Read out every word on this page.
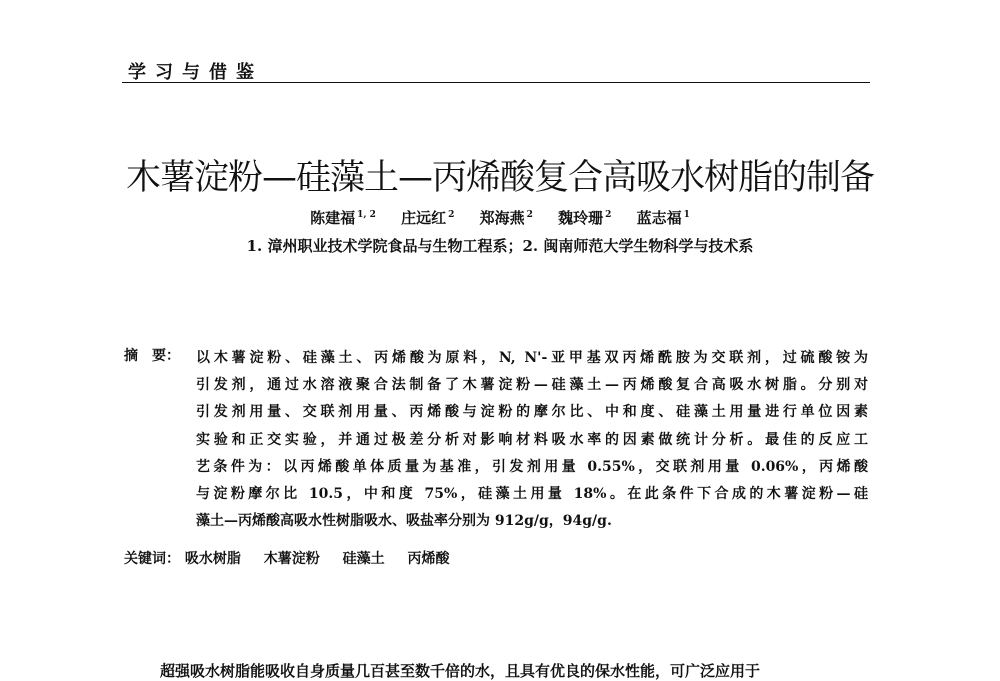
学习与借鉴
木薯淀粉—硅藻土—丙烯酸复合高吸水树脂的制备
陈建福 $^{1, 2}$ 庄远红 $^2$ 郑海燕 $^2$ 魏玲珊 $^2$ 蓝志福 $^1$
1. 漳州职业技术学院食品与生物工程系；2. 闽南师范大学生物科学与技术系
摘　要：	以木薯淀粉、硅藻土、丙烯酸为原料，N, N'-亚甲基双丙烯酰胺为交联剂，过硫酸铵为
引发剂，通过水溶液聚合法制备了木薯淀粉—硅藻土—丙烯酸复合高吸水树脂。分别对
引发剂用量、交联剂用量、丙烯酸与淀粉的摩尔比、中和度、硅藻土用量进行单位因素
实验和正交实验，并通过极差分析对影响材料吸水率的因素做统计分析。最佳的反应工
艺条件为：以丙烯酸单体质量为基准，引发剂用量 0.55%，交联剂用量 0.06%，丙烯酸
与淀粉摩尔比 10.5，中和度 75%，硅藻土用量 18%。在此条件下合成的木薯淀粉—硅
藻土—丙烯酸高吸水性树脂吸水、吸盐率分别为 912g/g，94g/g.
关键词： 吸水树脂 木薯淀粉 硅藻土 丙烯酸
超强吸水树脂能吸收自身质量几百甚至数千倍的水，且具有优良的保水性能，可广泛应用于
